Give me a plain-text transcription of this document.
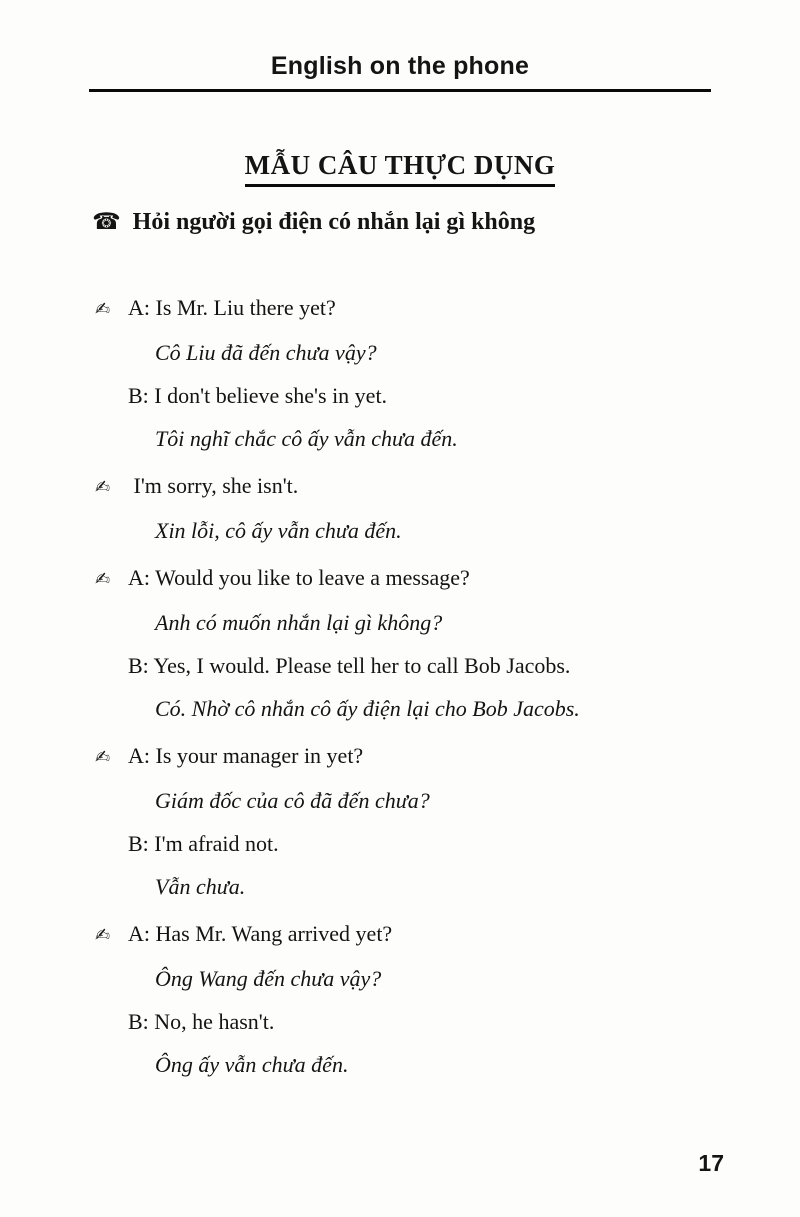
English on the phone
MẪU CÂU THỰC DỤNG
☎ Hỏi người gọi điện có nhắn lại gì không
✍ A: Is Mr. Liu there yet?
Cô Liu đã đến chưa vậy?
B: I don't believe she's in yet.
Tôi nghĩ chắc cô ấy vẫn chưa đến.
✍ I'm sorry, she isn't.
Xin lỗi, cô ấy vẫn chưa đến.
✍ A: Would you like to leave a message?
Anh có muốn nhắn lại gì không?
B: Yes, I would. Please tell her to call Bob Jacobs.
Có. Nhờ cô nhắn cô ấy điện lại cho Bob Jacobs.
✍ A: Is your manager in yet?
Giám đốc của cô đã đến chưa?
B: I'm afraid not.
Vẫn chưa.
✍ A: Has Mr. Wang arrived yet?
Ông Wang đến chưa vậy?
B: No, he hasn't.
Ông ấy vẫn chưa đến.
17
